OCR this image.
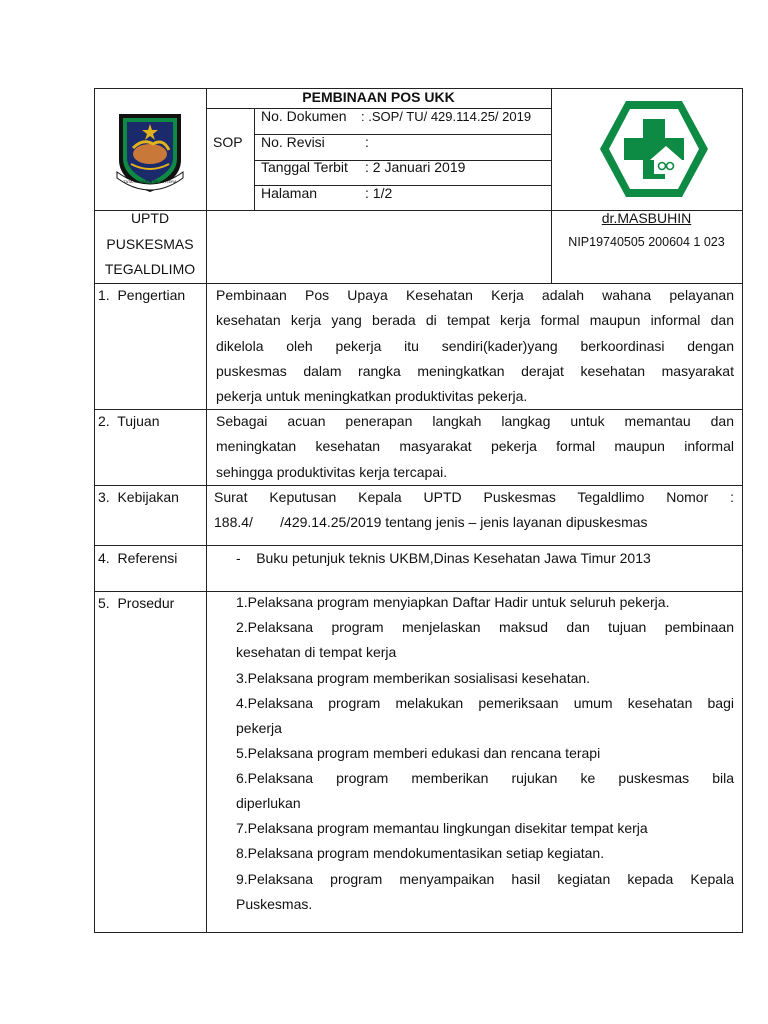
TATA RAHARJA SEJAHTERA
PEMBINAAN POS UKK
SOP
No. Dokumen : .SOP/ TU/ 429.114.25/ 2019
No. Revisi	:
Tanggal Terbit : 2 Januari 2019
Halaman	: 1/2
UPTD
PUSKESMAS
TEGALDLIMO
dr.MASBUHIN
NIP19740505 200604 1 023
1.  Pengertian
2.  Tujuan
3.  Kebijakan
4.  Referensi
5.  Prosedur
Pembinaan Pos Upaya Kesehatan Kerja adalah wahana pelayanan
kesehatan kerja yang berada di tempat kerja formal maupun informal dan
dikelola oleh pekerja itu sendiri(kader)yang berkoordinasi dengan
puskesmas dalam rangka meningkatkan derajat kesehatan masyarakat
pekerja untuk meningkatkan produktivitas pekerja.
Sebagai acuan penerapan langkah langkag untuk memantau dan
meningkatan kesehatan masyarakat pekerja formal maupun informal
sehingga produktivitas kerja tercapai.
Surat Keputusan Kepala UPTD Puskesmas Tegaldlimo Nomor :
188.4/       /429.14.25/2019 tentang jenis – jenis layanan dipuskesmas
-    Buku petunjuk teknis UKBM,Dinas Kesehatan Jawa Timur 2013
1.Pelaksana program menyiapkan Daftar Hadir untuk seluruh pekerja.
2.Pelaksana program menjelaskan maksud dan tujuan pembinaan
kesehatan di tempat kerja
3.Pelaksana program memberikan sosialisasi kesehatan.
4.Pelaksana program melakukan pemeriksaan umum kesehatan bagi
pekerja
5.Pelaksana program memberi edukasi dan rencana terapi
6.Pelaksana program memberikan rujukan ke puskesmas bila
diperlukan
7.Pelaksana program memantau lingkungan disekitar tempat kerja
8.Pelaksana program mendokumentasikan setiap kegiatan.
9.Pelaksana program menyampaikan hasil kegiatan kepada Kepala
Puskesmas.
